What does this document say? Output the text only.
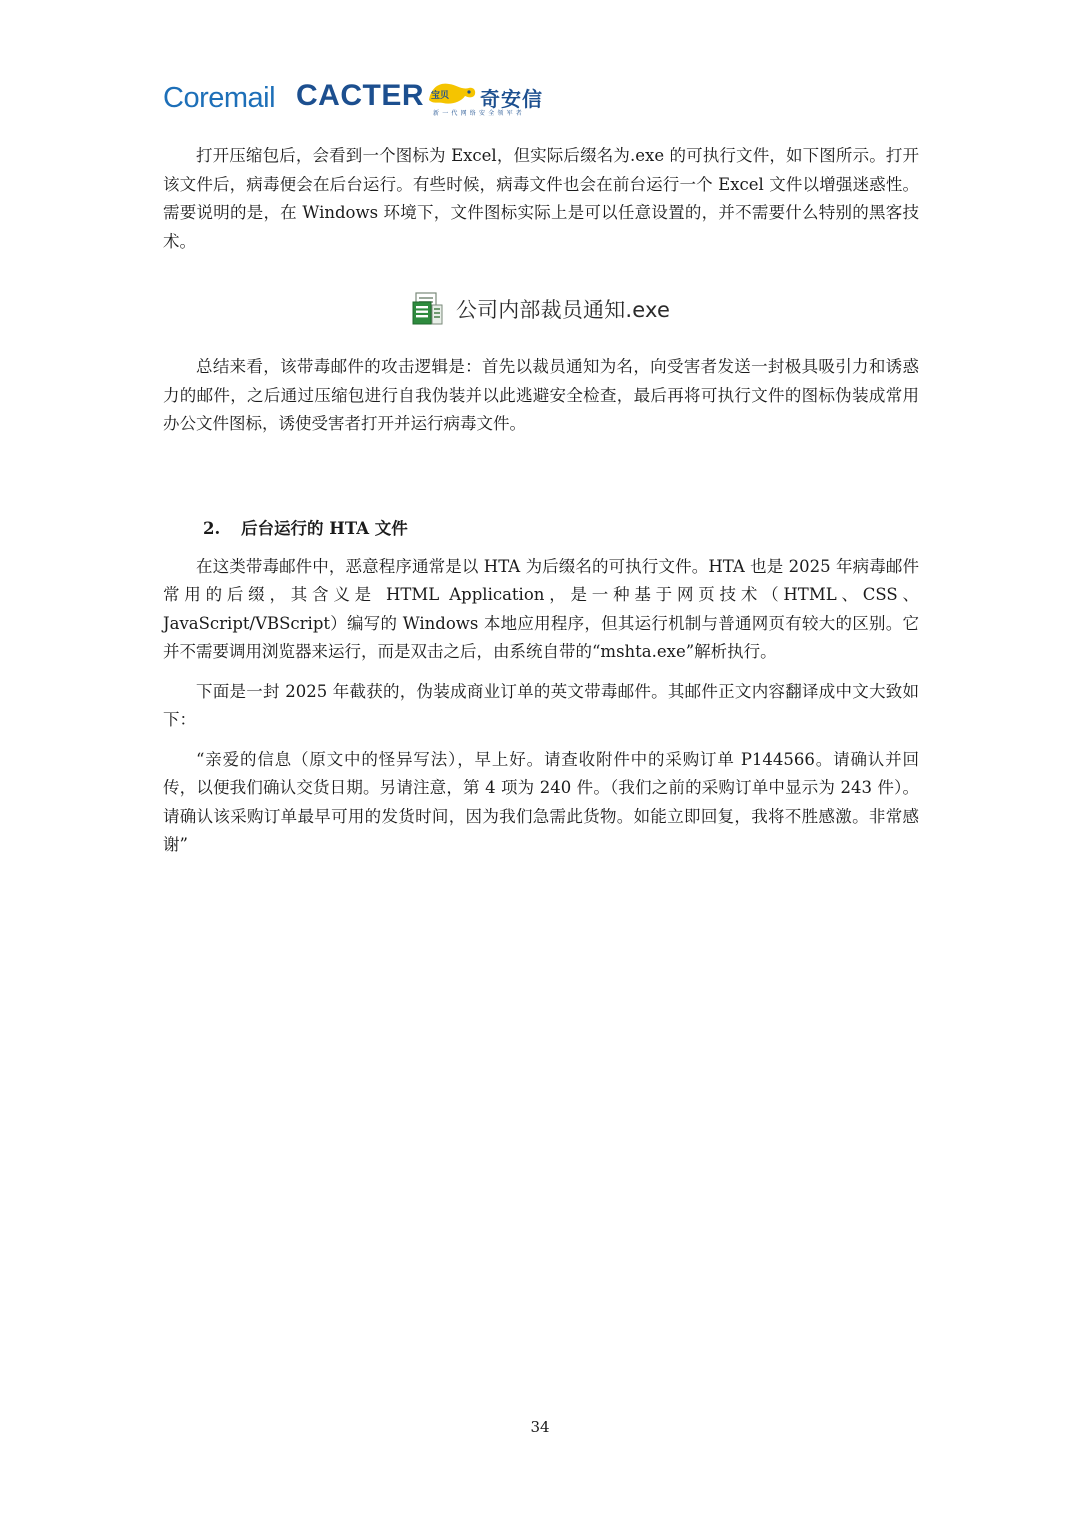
Coremail CACTER 宝贝 奇安信
新一代网络安全领军者

打开压缩包后，会看到一个图标为 Excel，但实际后缀名为.exe 的可执行文件，如下图所示。打开该文件后，病毒便会在后台运行。有些时候，病毒文件也会在前台运行一个 Excel 文件以增强迷惑性。需要说明的是，在 Windows 环境下，文件图标实际上是可以任意设置的，并不需要什么特别的黑客技术。

公司内部裁员通知.exe

总结来看，该带毒邮件的攻击逻辑是：首先以裁员通知为名，向受害者发送一封极具吸引力和诱惑力的邮件，之后通过压缩包进行自我伪装并以此逃避安全检查，最后再将可执行文件的图标伪装成常用办公文件图标，诱使受害者打开并运行病毒文件。

2. 后台运行的 HTA 文件

在这类带毒邮件中，恶意程序通常是以 HTA 为后缀名的可执行文件。HTA 也是 2025 年病毒邮件常用的后缀，其含义是 HTML Application，是一种基于网页技术（HTML、CSS、JavaScript/VBScript）编写的 Windows 本地应用程序，但其运行机制与普通网页有较大的区别。它并不需要调用浏览器来运行，而是双击之后，由系统自带的“mshta.exe”解析执行。

下面是一封 2025 年截获的，伪装成商业订单的英文带毒邮件。其邮件正文内容翻译成中文大致如下：

“亲爱的信息（原文中的怪异写法），早上好。请查收附件中的采购订单 P144566。请确认并回传，以便我们确认交货日期。另请注意，第 4 项为 240 件。（我们之前的采购订单中显示为 243 件）。请确认该采购订单最早可用的发货时间，因为我们急需此货物。如能立即回复，我将不胜感激。非常感谢”

34
